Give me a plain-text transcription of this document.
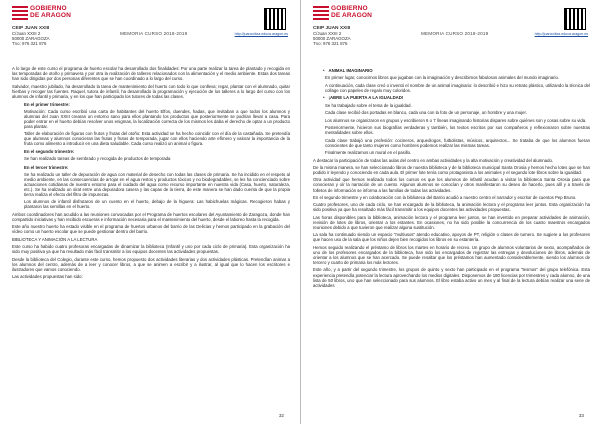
GOBIERNO
DE ARAGON
CEIP JUAN XXIII
C/Juan XXIII 2
50000 ZARAGOZA
Tno: 976 321 876
MEMORIA CURSO 2018-2019	http://juanxxiiiza.educa.aragon.es

A lo largo de este curso el programa de huerto escolar ha desarrollado dos finalidades: Por una parte realizar la tarea de plantado y recogida en las temporadas de otoño y primavera y por otra la realización de talleres relacionados con la alimentación y el medio ambiente. Estas dos tareas han sido dirigidas por dos personas diferentes que se han coordinado a lo largo del curso.

Salvador, maestro jubilado, ha desarrollado la tarea de mantenimiento del huerto con todo lo que conlleva; regar, plantar con el alumnado, quitar hierbas y recoger las fuentes. Raquel, tutora de infantil, ha desarrollado la programación y ejecución de los talleres a lo largo del curso con los alumnos de infantil y primaria, y en los que han participado los tutores de todas las clases.

En el primer trimestre:

Motivación: Cada curso escribió una carta de habitantes del huerto Elfos, duendes, hadas, que invitaban a que todos los alumnos y alumnas del Juan XXIII crearan un entorno sano para ellos plantando los productos que posteriormente se podrían llevar a casa. Para poder entrar en el huerto debían resolver unos enigmas, la localización correcta de los mismos les daba el derecho de optar a un producto para plantar.

Taller de elaboración de figuras con frutos y frutas del otoño: Esta actividad se ha hecho coincidir con el día de la castañada. Se pretendía que alumnas y alumnos conocieran las frutas y frutos de temporada, jugar con ellos haciendo arte efímero y valorar la importancia de la fruta como alimento a introducir en una dieta saludable. Cada curso realizó un animal o figura.

En el segundo trimestre:

Se han realizado tareas de sembrado y recogida de productos de temporada

En el tercer trimestre:

Se ha realizado un taller de depuración de agua con material de desecho con todas las clases de primaria. Se ha incidido en el respeto al medio ambiente, en las consecuencias de arrojar en el agua restos y productos tóxicos y no biodegradables, se les ha concienciado sobre actuaciones cotidianas de nuestro entorno para el cuidado del agua como recurso importante en nuestra vida (Casa, huerto, naturaleza, etc.). Se ha realizado un sirat entre una depuradora casera y las capas de la tierra, de este manera se han dado cuenta de que la propia tierra realiza el efecto del filtro de impurezas.

Los alumnos de infantil disfrutaron de un cuento en el huerto, debajo de la higuera: Las habichuelas mágicas. Recogieron habas y plantaron las semillas en el huerto.

Ambos coordinadores han acudido a las reuniones convocadas por el Programa de huertos escolares del Ayuntamiento de Zaragoza, donde han compartido iniciativas y han recibido escueras e información necesaria para el mantenimiento del huerto, desde el laboreo hasta la recogida.

Este año nuestro huerto ha estado visible en el programa de huertos urbanos del barrio de las Delicias y hemos participado en la grabación del vídeo como un huerto escolar que se puede gestionar dentro del barrio.

BIBLIOTECA Y ANIMACIÓN A LA LECTURA

Este curso ha habido cuatro profesoras encargadas de dinamizar la biblioteca (Infantil y uno por cada ciclo de primaria). Esta organización ha sido muy positiva ya que ha resultado más fácil transmitir a los equipos docentes las actividades propuestas.

Desde la biblioteca del Colegio, durante este curso, hemos propuesto dos actividades literarias y dos actividades plásticas. Pretendían animar a los alumnos del centro, además de a leer y conocer libros, a que se animen a escribir y a ilustrar, al igual que lo hacen los escritores e ilustradores que vamos conociendo.

Las actividades propuestas han sido:

32
GOBIERNO
DE ARAGON
CEIP JUAN XXIII
C/Juan XXIII 2
50000 ZARAGOZA
Tno: 976 321 876
MEMORIA CURSO 2018-2019	http://juanxxiiiza.educa.aragon.es

• ANIMAL IMAGINARIO

En primer lugar, conocimos libros que jugaban con la imaginación y describimos fabulosos animales del mundo imaginario.

A continuación, cada clase creó o inventó el nombre de un animal imaginario: lo describió e hizo su retrato plástico, utilizando la técnica del collage con papeles de regalo muy coloridos.

• ¡ABRE LA PUERTA A LA IGUALDAD!

Se ha trabajado sobre el tema de la igualdad.

Cada clase recibió dos portadas en blanco, cada una con la foto de un personaje, un hombre y una mujer.

Los alumnos se organizaron en grupos y escribieron 6 o 7 líneas imaginando historias dispares sobre quiénes son y cosas sobre su vida.

Posteriormente, hicieron sus biografías verdaderas y también, los textos escritos por sus compañeros y reflexionaron sobre nuestras mentalidades sobre ellos.

Cada clase trabajó una profesión: cocineros, arqueólogos, futbolistas, músicos, arquitectos... Se trataba de que los alumnos fueran conscientes de que tanto mujeres como hombres podemos realizar las mismas tareas.

Finalmente realizamos un mural en el pasillo.

A destacar la participación de todas las aulas del centro en ambas actividades y la alta motivación y creatividad del alumnado.

De la misma manera, se han seleccionado libros de nuestra biblioteca y de la biblioteca municipal Santa Orosia y hemos hecho lotes que se han podido ir leyendo y conociendo en cada aula. El primer lote tenía como protagonista a los animales y el segundo lote libros sobre la igualdad.

Otra actividad que hemos realizado todos los cursos es que los alumnos de infantil acudan a visitar la biblioteca Santa Orosia para que conocieran y oír la narración de un cuento. Algunos alumnos se conocían y otros manifestaron su deseo de hacerlo, pues allí y a través de folletos de información se informa a las familias de todas las actividades.

En el segundo trimestre y en colaboración con la biblioteca del Barrio acudió a nuestro centro el narrador y escritor de cuentos Pep Bruno.

Cuatro profesores, uno de cada ciclo, se han encargado de la biblioteca, la animación lectora y el programa leer juntos. Esta organización ha sido positiva ya que ha resultado más fácil transmitir a los equipos docentes las actividades propuestas.

Las horas disponibles para la biblioteca, animación lectora y el programa leer juntos, se han invertido en preparar actividades de animación, revisión de lotes de libros, orientar a los estantes. En ocasiones, no ha sido posible la concurrencia de los cuatro maestros encargados reuniones debido a que tuvieron que realizar alguna sustitución.

La sala ha continuado siendo un espacio "multiusos" atendo educativo, apoyos de PT, religión o clases de turnero. Se sugiere a los profesores que hacen uso de la sala que los niños dejen bien recogidos los libros en su estantería.

Hemos seguido realizando el préstamo de libros los martes en horario de recreo. Un grupo de alumnos voluntarios de sexto, acompañados de uno de los profesores encargados de la biblioteca, han sido los encargados de registrar las entregas y devoluciones de libros, además de orientar a los alumnos que se han acercado. Se puede resaltar que los préstamos han aumentado considerablemente, siendo los alumnos de tercero y cuarto de primaria los más lectores.

Este año, y a partir del segundo trimestre, los grupos de quinto y sexto han participado en el programa "tesmos" del grupo telefónica. Esta experiencia pretendía potenciar la lectura aprovechando los medios digitales. Disponemos de 180 licencias por trimestres y cada alumno, de una lista de 50 libros, uno que han seleccionado para sus alumnos. El libro estaba activo un mes y al final de la lectura debían realizar una serie de actividades

33
